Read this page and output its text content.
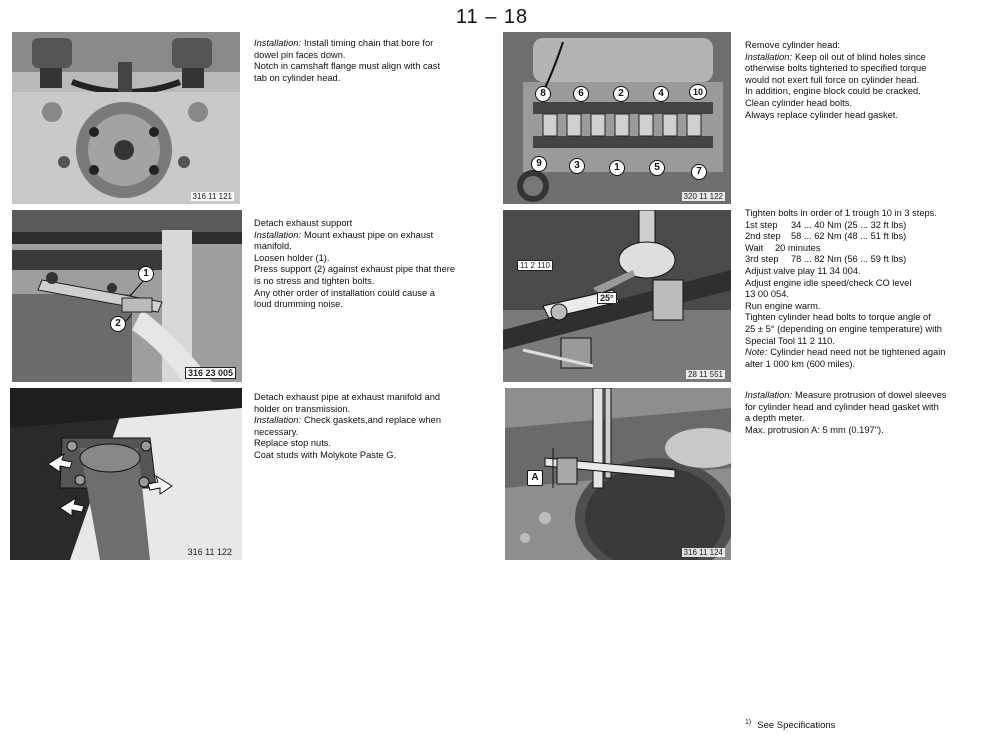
11 – 18
316 11 121
Installation: Install timing chain that bore for
dowel pin faces down.
Notch in camshaft flange must align with cast
tab on cylinder head.
1
2
316 23 005
Detach exhaust support
Installation: Mount exhaust pipe on exhaust
manifold.
Loosen holder (1).
Press support (2) against exhaust pipe that there
is no stress and tighten bolts.
Any other order of installation could cause a
loud drumming noise.
316 11 122
Detach exhaust pipe at exhaust manifold and
holder on transmission.
Installation: Check gaskets,and replace when
necessary.
Replace stop nuts.
Coat studs with Molykote Paste G.
8	6	2	4	10
9	3	1	5	7
320 11 122
Remove cylinder head:
Installation: Keep oil out of blind holes since
otherwise bolts tightened to specified torque
would not exert full force on cylinder head.
In addition, engine block could be cracked.
Clean cylinder head bolts.
Always replace cylinder head gasket.
11 2 110
25°
28 11 551
Tighten bolts in order of 1 trough 10 in 3 steps.
1st step 34 ... 40 Nm (25 ... 32 ft lbs)
2nd step 58 ... 62 Nm (48 ... 51 ft lbs)
Wait 20 minutes
3rd step 78 ... 82 Nm (56 ... 59 ft lbs)
Adjust valve play 11 34 004.
Adjust engine idle speed/check CO level
13 00 054.
Run engine warm.
Tighten cylinder head bolts to torque angle of
25 ± 5° (depending on engine temperature) with
Special Tool 11 2 110.
Note: Cylinder head need not be tightened again
alter 1 000 km (600 miles).
A
316 11 124
Installation: Measure protrusion of dowel sleeves
for cylinder head and cylinder head gasket with
a depth meter.
Max. protrusion A: 5 mm (0.197").
$^{1)}$ See Specifications
